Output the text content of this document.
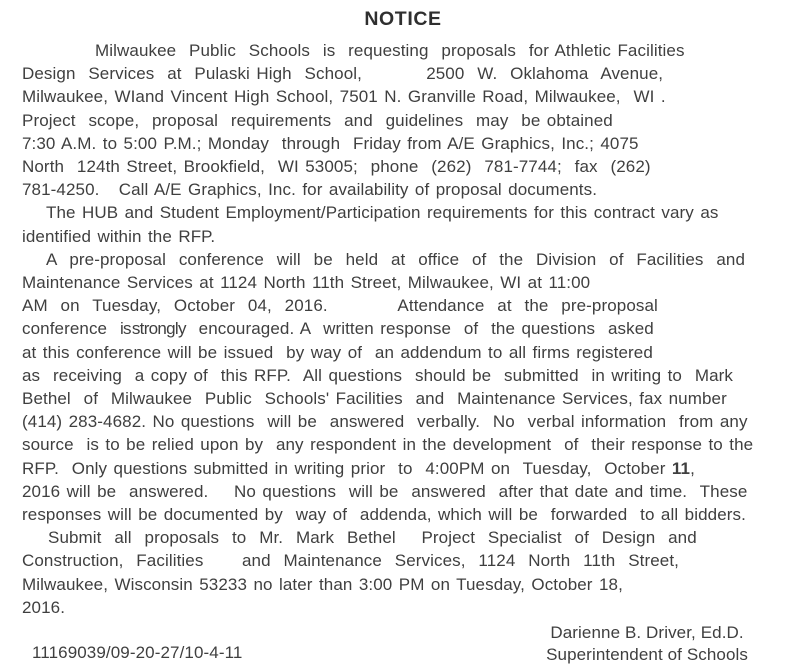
NOTICE
Milwaukee  Public  Schools  is  requesting  proposals  for Athletic Facilities
Design  Services  at  Pulaski High  School,          2500  W.  Oklahoma  Avenue,
Milwaukee, WIand Vincent High School, 7501 N. Granville Road, Milwaukee,  WI .
Project  scope,  proposal  requirements  and  guidelines  may  be obtained
7:30 A.M. to 5:00 P.M.; Monday  through  Friday from A/E Graphics, Inc.; 4075
North  124th Street, Brookfield,  WI 53005;  phone  (262)  781-7744;  fax  (262)
781-4250.   Call A/E Graphics, Inc. for availability of proposal documents.
The HUB and Student Employment/Participation requirements for this contract vary as
identified within the RFP.
A  pre-proposal  conference  will  be  held  at  office  of  the  Division  of  Facilities  and
Maintenance Services at 1124 North 11th Street, Milwaukee, WI at 11:00
AM  on  Tuesday,  October  04,  2016.           Attendance  at  the  pre-proposal
conference  is strongly  encouraged. A  written response  of  the questions  asked
at this conference will be issued  by way of  an addendum to all firms registered
as  receiving  a copy of  this RFP.  All questions  should be  submitted  in writing to  Mark
Bethel  of  Milwaukee  Public  Schools' Facilities  and  Maintenance Services, fax number
(414) 283-4682. No questions  will be  answered  verbally.  No  verbal information  from any
source  is to be relied upon by  any respondent in the development  of  their response to the
RFP.  Only questions submitted in writing prior  to  4:00PM on  Tuesday,  October 11,
2016 will be  answered.    No questions  will be  answered  after that date and time.  These
responses will be documented by  way of  addenda, which will be  forwarded  to all bidders.
Submit  all  proposals  to  Mr.  Mark  Bethel    Project  Specialist  of  Design  and
Construction,  Facilities      and  Maintenance  Services,  1124  North  11th  Street,
Milwaukee, Wisconsin 53233 no later than 3:00 PM on Tuesday, October 18,
2016.
11169039/09-20-27/10-4-11
Darienne B. Driver, Ed.D.
Superintendent of Schools
